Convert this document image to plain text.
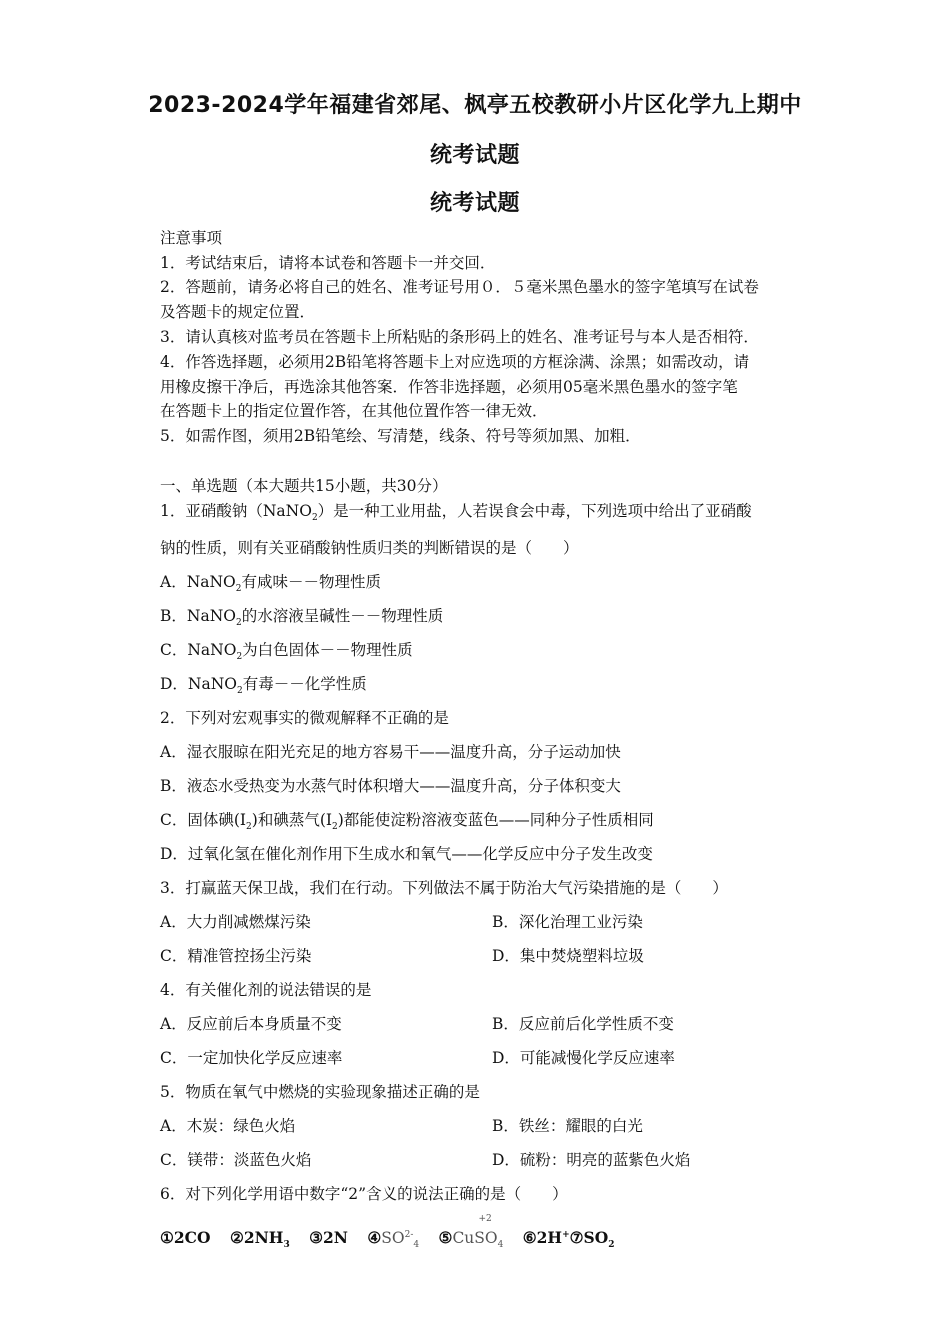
2023-2024学年福建省郊尾、枫亭五校教研小片区化学九上期中
统考试题
统考试题
注意事项
1．考试结束后，请将本试卷和答题卡一并交回．
2．答题前，请务必将自己的姓名、准考证号用０．５毫米黑色墨水的签字笔填写在试卷
及答题卡的规定位置．
3．请认真核对监考员在答题卡上所粘贴的条形码上的姓名、准考证号与本人是否相符．
4．作答选择题，必须用2B铅笔将答题卡上对应选项的方框涂满、涂黑；如需改动，请
用橡皮擦干净后，再选涂其他答案．作答非选择题，必须用05毫米黑色墨水的签字笔
在答题卡上的指定位置作答，在其他位置作答一律无效．
5．如需作图，须用2B铅笔绘、写清楚，线条、符号等须加黑、加粗．
一、单选题（本大题共15小题，共30分）
1．亚硝酸钠（NaNO$_2$）是一种工业用盐，人若误食会中毒，下列选项中给出了亚硝酸
钠的性质，则有关亚硝酸钠性质归类的判断错误的是（　　）
A．NaNO$_2$有咸味－－物理性质
B．NaNO$_2$的水溶液呈碱性－－物理性质
C．NaNO$_2$为白色固体－－物理性质
D．NaNO$_2$有毒－－化学性质
2．下列对宏观事实的微观解释不正确的是
A．湿衣服晾在阳光充足的地方容易干——温度升高，分子运动加快
B．液态水受热变为水蒸气时体积增大——温度升高，分子体积变大
C．固体碘$(I_2)$和碘蒸气$(I_2)$都能使淀粉溶液变蓝色——同种分子性质相同
D．过氧化氢在催化剂作用下生成水和氧气——化学反应中分子发生改变
3．打赢蓝天保卫战，我们在行动。下列做法不属于防治大气污染措施的是（　　）
A．大力削减燃煤污染	B．深化治理工业污染
C．精准管控扬尘污染	D．集中焚烧塑料垃圾
4．有关催化剂的说法错误的是
A．反应前后本身质量不变	B．反应前后化学性质不变
C．一定加快化学反应速率	D．可能减慢化学反应速率
5．物质在氧气中燃烧的实验现象描述正确的是
A．木炭：绿色火焰	B．铁丝：耀眼的白光
C．镁带：淡蓝色火焰	D．硫粉：明亮的蓝紫色火焰
6．对下列化学用语中数字“2”含义的说法正确的是（　　）
①2CO $②2NH_3$ ③2N $④SO^{2-}_4$ ⑤
+2
CuSO$_4$ $⑥2H^+⑦SO_2$
